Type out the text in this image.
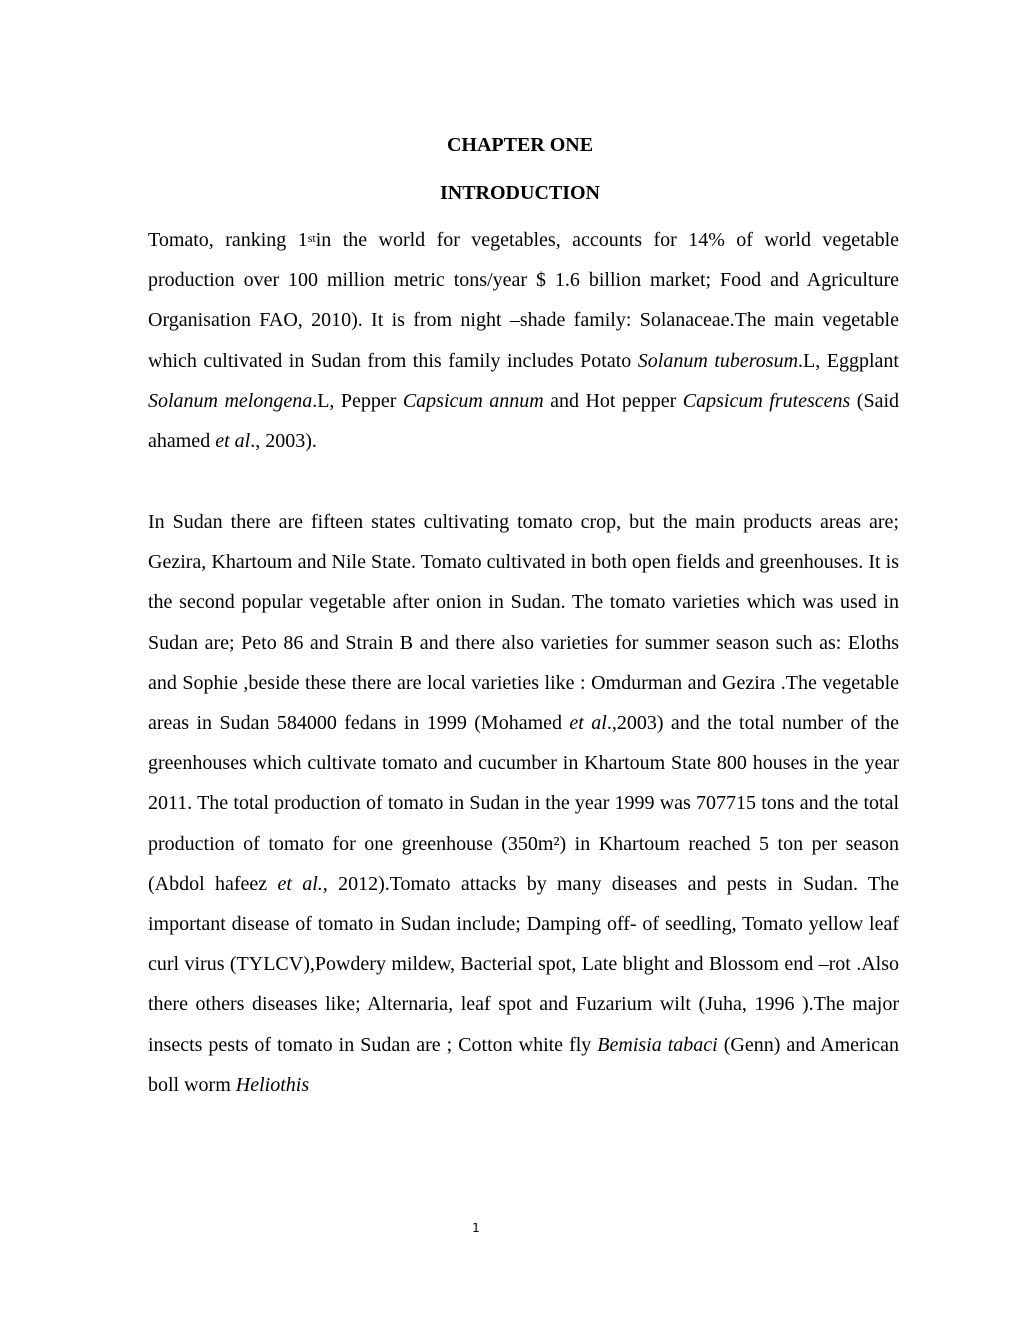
CHAPTER ONE
INTRODUCTION

Tomato, ranking 1stin the world for vegetables, accounts for 14% of world vegetable production over 100 million metric tons/year $ 1.6 billion market; Food and Agriculture Organisation FAO, 2010). It is from night –shade family: Solanaceae.The main vegetable which cultivated in Sudan from this family includes Potato Solanum tuberosum.L, Eggplant Solanum melongena.L, Pepper Capsicum annum and Hot pepper Capsicum frutescens (Said ahamed et al., 2003).

In Sudan there are fifteen states cultivating tomato crop, but the main products areas are; Gezira, Khartoum and Nile State. Tomato cultivated in both open fields and greenhouses. It is the second popular vegetable after onion in Sudan. The tomato varieties which was used in Sudan are; Peto 86 and Strain B and there also varieties for summer season such as: Eloths and Sophie ,beside these there are local varieties like : Omdurman and Gezira .The vegetable areas in Sudan 584000 fedans in 1999 (Mohamed et al.,2003) and the total number of the greenhouses which cultivate tomato and cucumber in Khartoum State 800 houses in the year 2011. The total production of tomato in Sudan in the year 1999 was 707715 tons and the total production of tomato for one greenhouse (350m²) in Khartoum reached 5 ton per season (Abdol hafeez et al., 2012).Tomato attacks by many diseases and pests in Sudan. The important disease of tomato in Sudan include; Damping off- of seedling, Tomato yellow leaf curl virus (TYLCV),Powdery mildew, Bacterial spot, Late blight and Blossom end –rot .Also there others diseases like; Alternaria, leaf spot and Fuzarium wilt (Juha, 1996 ).The major insects pests of tomato in Sudan are ; Cotton white fly Bemisia tabaci (Genn) and American boll worm Heliothis

1
